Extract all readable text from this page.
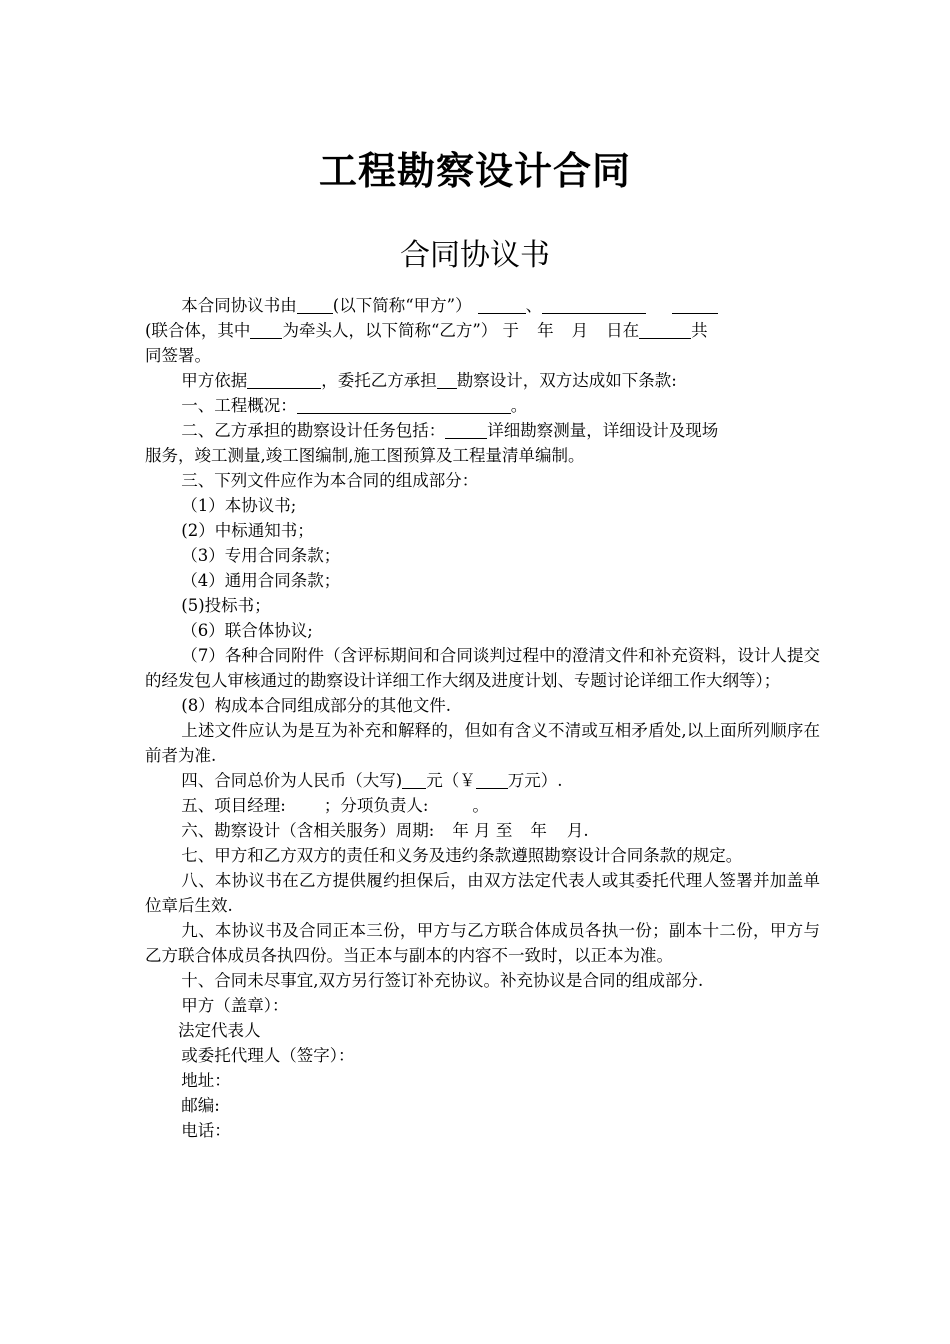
工程勘察设计合同
合同协议书

本合同协议书由 (以下简称“甲方”）	、

(联合体，其中 为牵头人，以下简称“乙方”） 于 年 月 日在	共

同签署。

甲方依据	，委托乙方承担 勘察设计，双方达成如下条款:

一、工程概况：	。

二、乙方承担的勘察设计任务包括：	详细勘察测量，详细设计及现场

服务，竣工测量,竣工图编制,施工图预算及工程量清单编制。

三、下列文件应作为本合同的组成部分：

（1）本协议书;

(2）中标通知书；

（3）专用合同条款；

（4）通用合同条款；

(5)投标书；

（6）联合体协议;

（7）各种合同附件（含评标期间和合同谈判过程中的澄清文件和补充资料，设计人提交的经发包人审核通过的勘察设计详细工作大纲及进度计划、专题讨论详细工作大纲等）；

(8）构成本合同组成部分的其他文件.

上述文件应认为是互为补充和解释的，但如有含义不清或互相矛盾处,以上面所列顺序在前者为准.

四、合同总价为人民币（大写) 元（￥ 万元）.

五、项目经理: ；分项负责人:	。

六、勘察设计（含相关服务）周期: 年 月 至 年 月.

七、甲方和乙方双方的责任和义务及违约条款遵照勘察设计合同条款的规定。

八、本协议书在乙方提供履约担保后，由双方法定代表人或其委托代理人签署并加盖单位章后生效.

九、本协议书及合同正本三份，甲方与乙方联合体成员各执一份；副本十二份，甲方与乙方联合体成员各执四份。当正本与副本的内容不一致时，以正本为准。

十、合同未尽事宜,双方另行签订补充协议。补充协议是合同的组成部分.

甲方（盖章）：

法定代表人

或委托代理人（签字）：

地址：

邮编:

电话：
